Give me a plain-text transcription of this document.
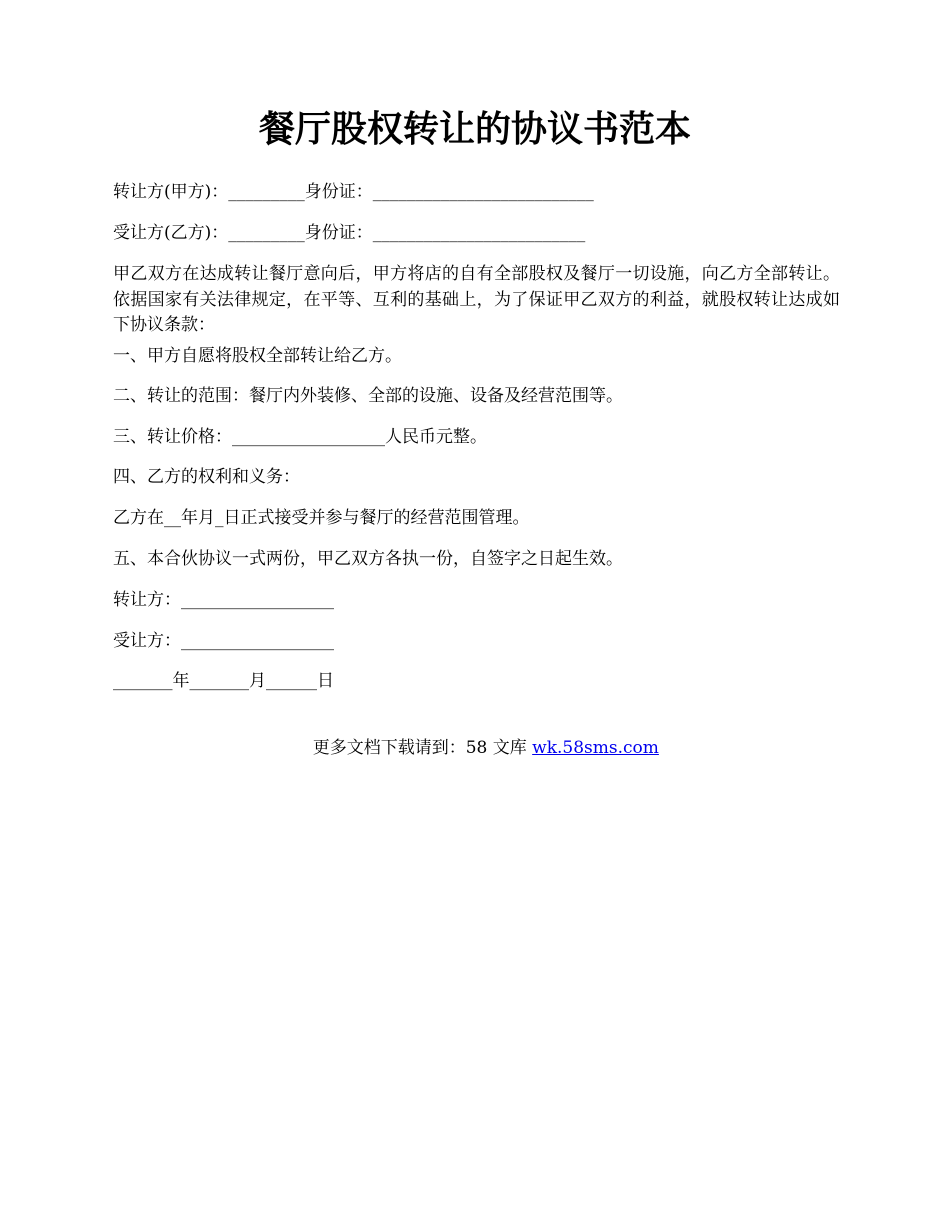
餐厅股权转让的协议书范本
转让方(甲方)：_________身份证：__________________________
受让方(乙方)：_________身份证：_________________________
甲乙双方在达成转让餐厅意向后，甲方将店的自有全部股权及餐厅一切设施，向乙方全部转让。依据国家有关法律规定，在平等、互利的基础上，为了保证甲乙双方的利益，就股权转让达成如下协议条款：
一、甲方自愿将股权全部转让给乙方。
二、转让的范围：餐厅内外装修、全部的设施、设备及经营范围等。
三、转让价格：__________________人民币元整。
四、乙方的权利和义务：
乙方在__年月_日正式接受并参与餐厅的经营范围管理。
五、本合伙协议一式两份，甲乙双方各执一份，自签字之日起生效。
转让方：__________________
受让方：__________________
_______年_______月______日

更多文档下载请到：58 文库 wk.58sms.com
